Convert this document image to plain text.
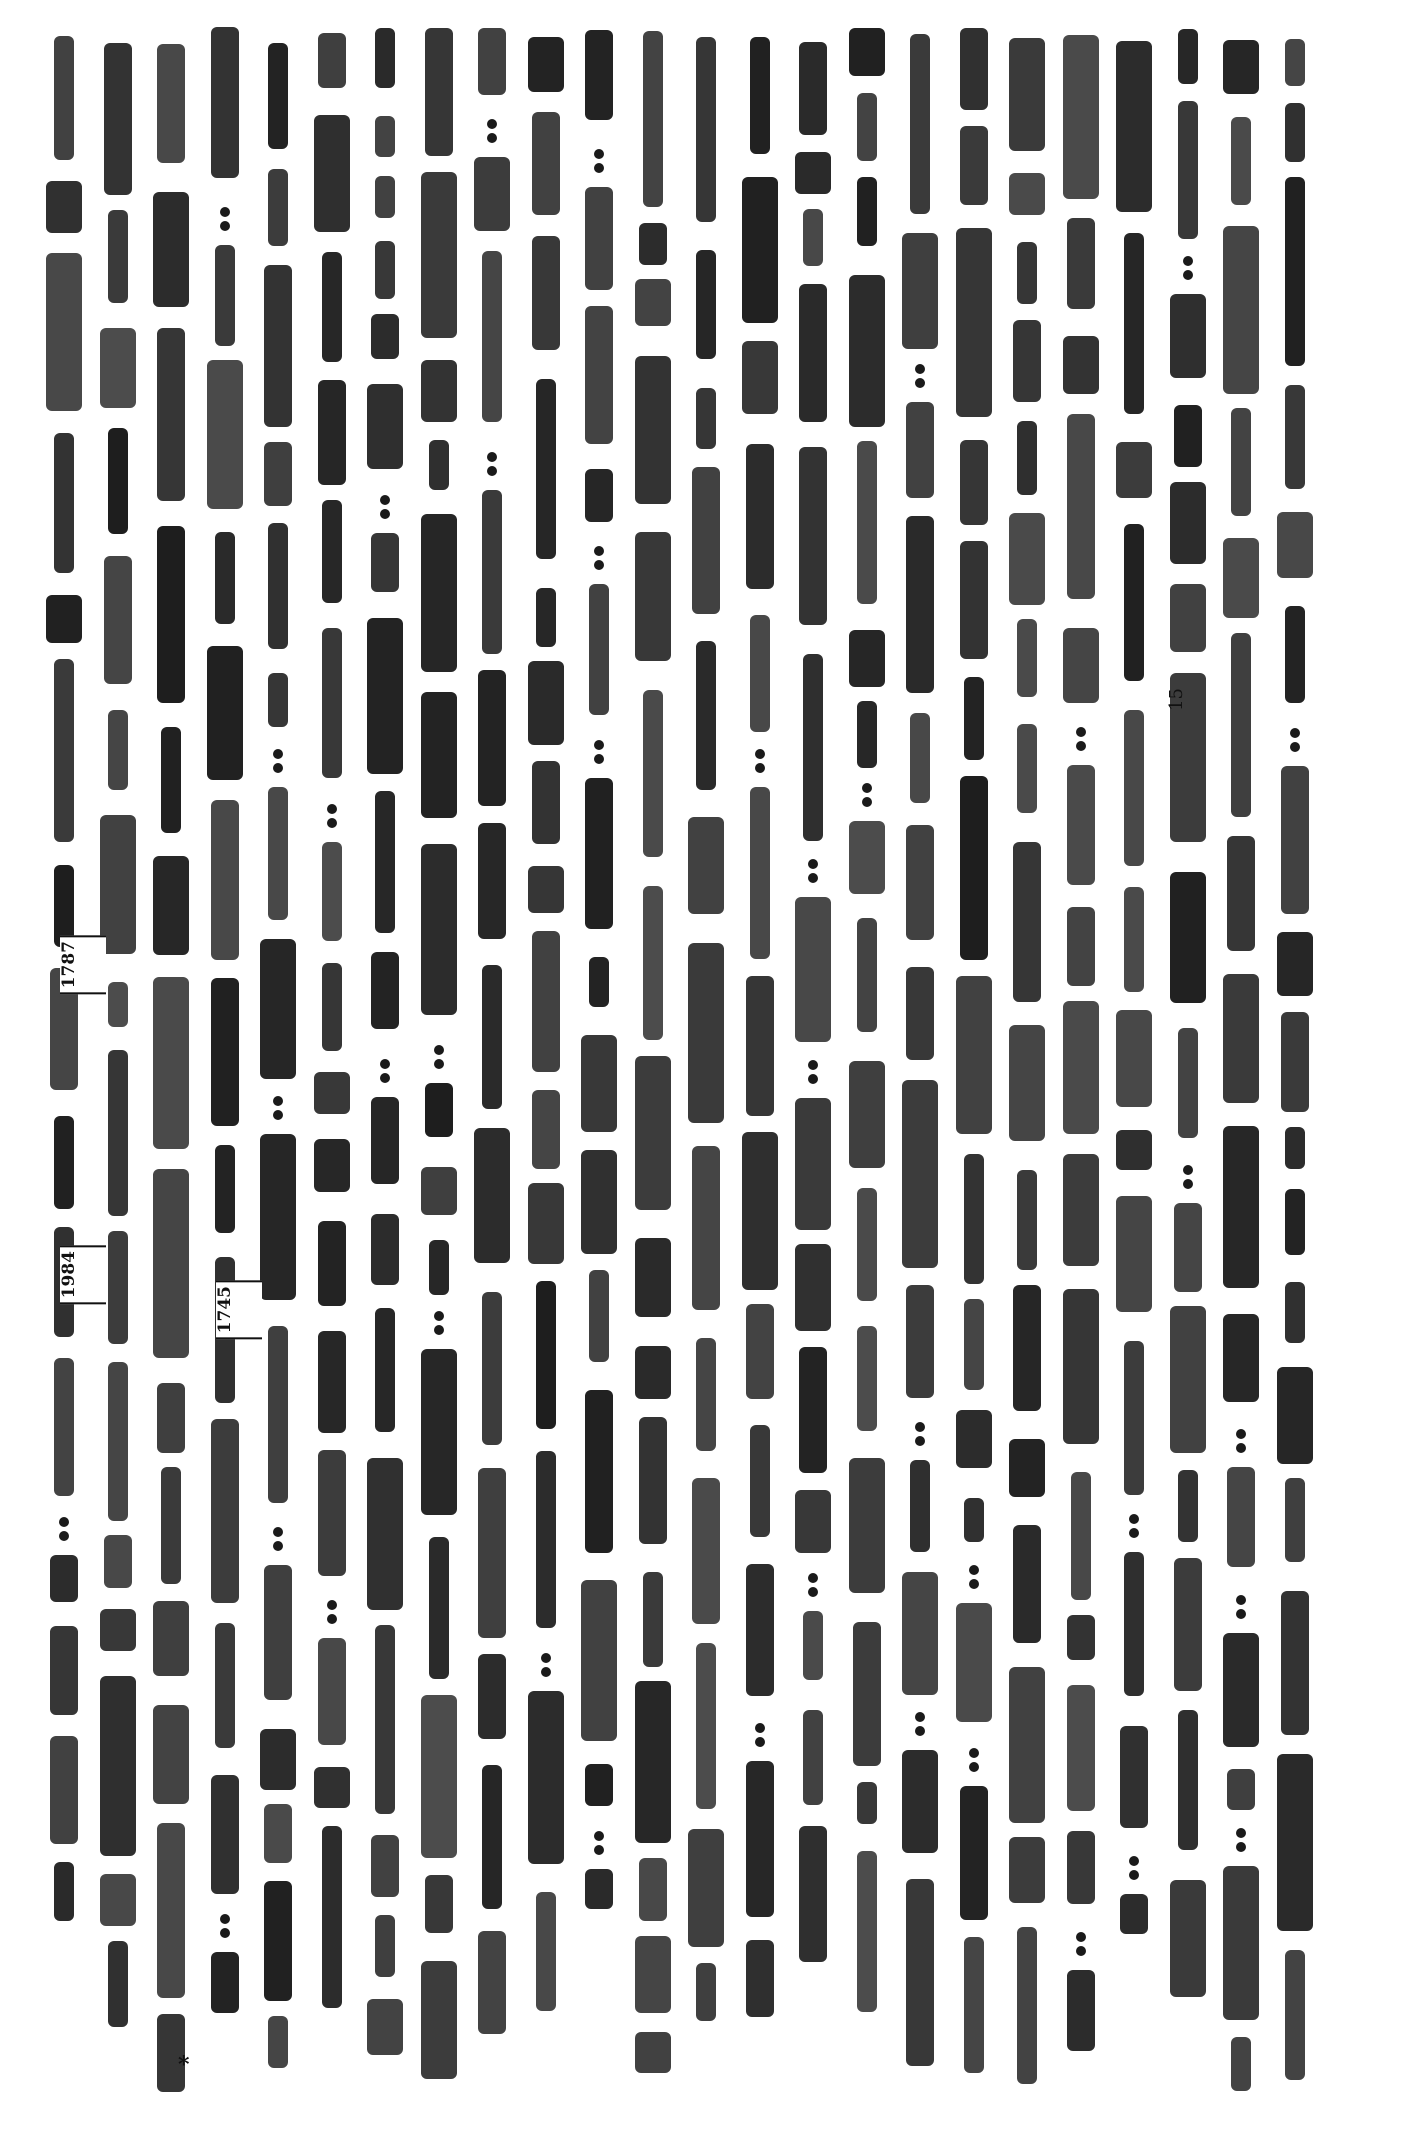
15
1787
1984
1745
*
